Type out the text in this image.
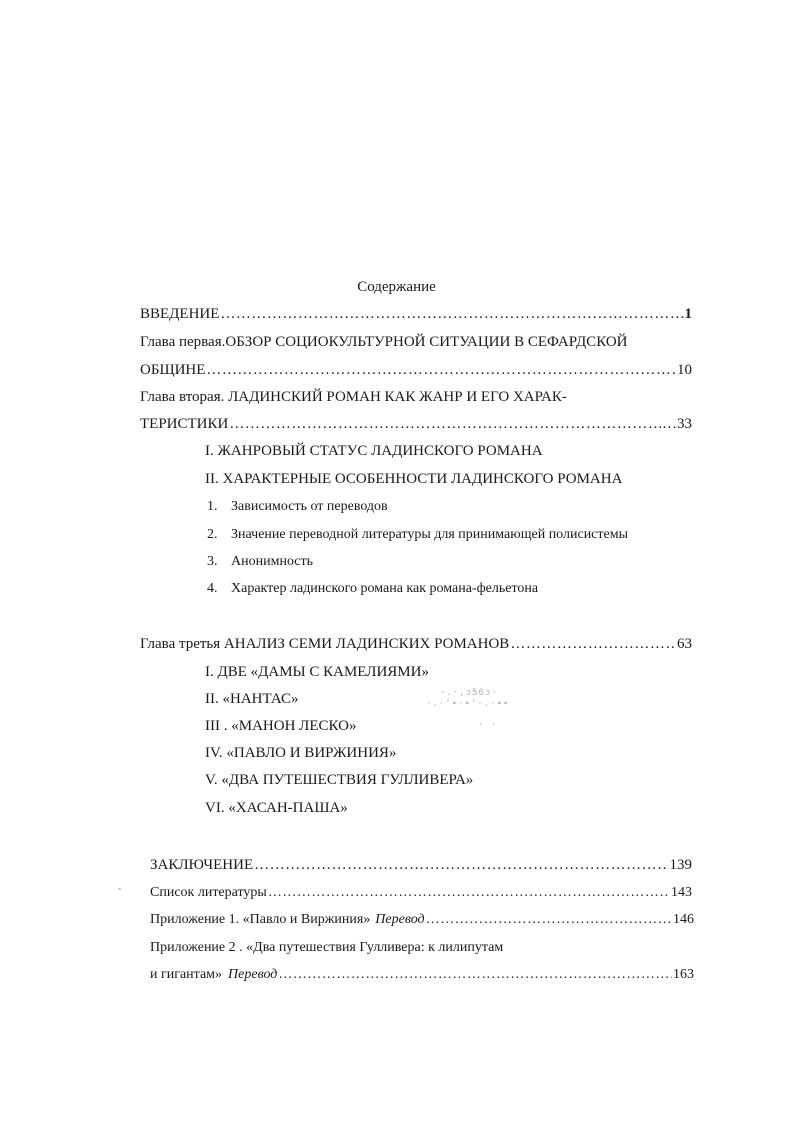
Содержание
ВВЕДЕНИЕ ……………………………………………………………………………………………………………………………………………………………………………………	1
Глава первая.ОБЗОР СОЦИОКУЛЬТУРНОЙ СИТУАЦИИ В СЕФАРДСКОЙ
ОБЩИНЕ ……………………………………………………………………………………………………………………………………………………………………………………	10
Глава вторая. ЛАДИНСКИЙ РОМАН КАК ЖАНР И ЕГО ХАРАК-
ТЕРИСТИКИ ……………………………………………………………………………………………………………………………………………………………………………………	…33
I. ЖАНРОВЫЙ СТАТУС ЛАДИНСКОГО РОМАНА
II. ХАРАКТЕРНЫЕ ОСОБЕННОСТИ ЛАДИНСКОГО РОМАНА
1. Зависимость от переводов
2. Значение переводной литературы для принимающей полисистемы
3. Анонимность
4. Характер ладинского романа как романа-фельетона
Глава третья АНАЛИЗ СЕМИ ЛАДИНСКИХ РОМАНОВ ……………………………………………………………………………………………………………………………………………………………………………………	63
I. ДВЕ «ДАМЫ С КАМЕЛИЯМИ»
II. «НАНТАС»
III . «МАНОН ЛЕСКО»
IV. «ПАВЛО И ВИРЖИНИЯ»
V. «ДВА ПУТЕШЕСТВИЯ ГУЛЛИВЕРА»
VI. «ХАСАН-ПАША»
·.·,ɔ56ɔ·
·.·'∙·∙'·.·∙∙
· ·
ЗАКЛЮЧЕНИЕ ……………………………………………………………………………………………………………………………………………………………………………………	139
Список литературы ……………………………………………………………………………………………………………………………………………………………………………………	143
Приложение 1. «Павло и Виржиния» Перевод ……………………………………………………………………………………………………………………………………………………………………………………	146
Приложение 2 . «Два путешествия Гулливера: к лилипутам
и гигантам» Перевод ……………………………………………………………………………………………………………………………………………………………………………………	163
